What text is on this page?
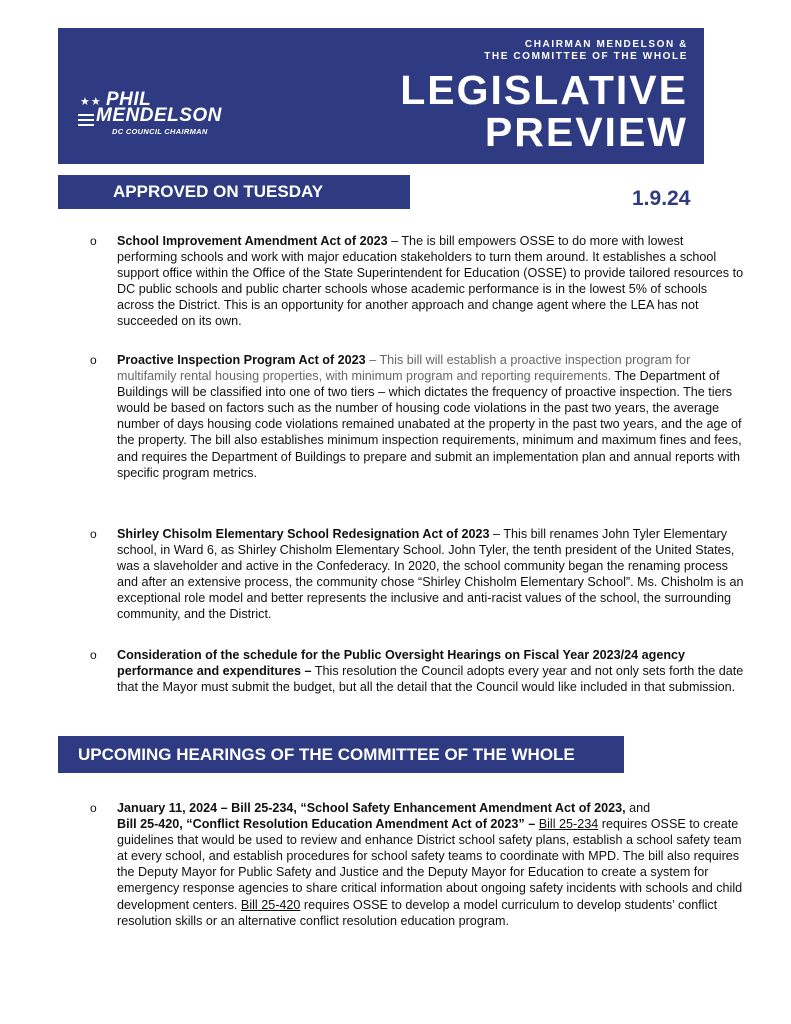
★★ PHIL
MENDELSON
DC COUNCIL CHAIRMAN
CHAIRMAN MENDELSON &
THE COMMITTEE OF THE WHOLE
LEGISLATIVE
PREVIEW
APPROVED ON TUESDAY	1.9.24
o School Improvement Amendment Act of 2023 – The is bill empowers OSSE to do more with lowest performing schools and work with major education stakeholders to turn them around. It establishes a school support office within the Office of the State Superintendent for Education (OSSE) to provide tailored resources to DC public schools and public charter schools whose academic performance is in the lowest 5% of schools across the District. This is an opportunity for another approach and change agent where the LEA has not succeeded on its own.
o Proactive Inspection Program Act of 2023 – This bill will establish a proactive inspection program for multifamily rental housing properties, with minimum program and reporting requirements. The Department of Buildings will be classified into one of two tiers – which dictates the frequency of proactive inspection. The tiers would be based on factors such as the number of housing code violations in the past two years, the average number of days housing code violations remained unabated at the property in the past two years, and the age of the property. The bill also establishes minimum inspection requirements, minimum and maximum fines and fees, and requires the Department of Buildings to prepare and submit an implementation plan and annual reports with specific program metrics.
o Shirley Chisolm Elementary School Redesignation Act of 2023 – This bill renames John Tyler Elementary school, in Ward 6, as Shirley Chisholm Elementary School. John Tyler, the tenth president of the United States, was a slaveholder and active in the Confederacy. In 2020, the school community began the renaming process and after an extensive process, the community chose “Shirley Chisholm Elementary School”. Ms. Chisholm is an exceptional role model and better represents the inclusive and anti-racist values of the school, the surrounding community, and the District.
o Consideration of the schedule for the Public Oversight Hearings on Fiscal Year 2023/24 agency performance and expenditures – This resolution the Council adopts every year and not only sets forth the date that the Mayor must submit the budget, but all the detail that the Council would like included in that submission.
UPCOMING HEARINGS OF THE COMMITTEE OF THE WHOLE
o January 11, 2024 – Bill 25-234, “School Safety Enhancement Amendment Act of 2023, and
Bill 25-420, “Conflict Resolution Education Amendment Act of 2023” – Bill 25-234 requires OSSE to create guidelines that would be used to review and enhance District school safety plans, establish a school safety team at every school, and establish procedures for school safety teams to coordinate with MPD. The bill also requires the Deputy Mayor for Public Safety and Justice and the Deputy Mayor for Education to create a system for emergency response agencies to share critical information about ongoing safety incidents with schools and child development centers. Bill 25-420 requires OSSE to develop a model curriculum to develop students’ conflict resolution skills or an alternative conflict resolution education program.
